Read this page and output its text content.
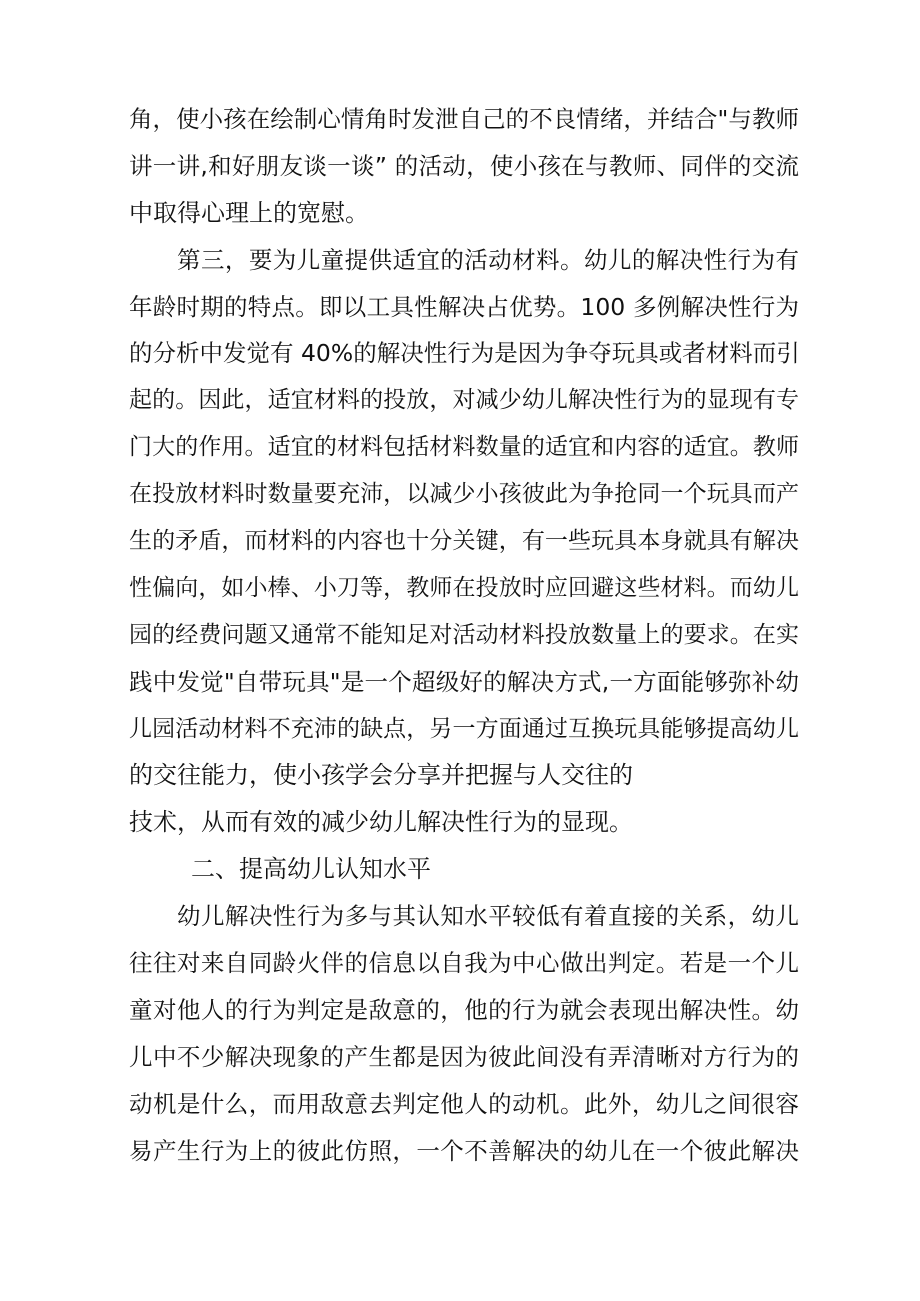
角，使小孩在绘制心情角时发泄自己的不良情绪，并结合"与教师
讲一讲,和好朋友谈一谈” 的活动，使小孩在与教师、同伴的交流
中取得心理上的宽慰。
第三，要为儿童提供适宜的活动材料。幼儿的解决性行为有
年龄时期的特点。即以工具性解决占优势。100 多例解决性行为
的分析中发觉有 40%的解决性行为是因为争夺玩具或者材料而引
起的。因此，适宜材料的投放，对减少幼儿解决性行为的显现有专
门大的作用。适宜的材料包括材料数量的适宜和内容的适宜。教师
在投放材料时数量要充沛，以减少小孩彼此为争抢同一个玩具而产
生的矛盾，而材料的内容也十分关键，有一些玩具本身就具有解决
性偏向，如小棒、小刀等，教师在投放时应回避这些材料。而幼儿
园的经费问题又通常不能知足对活动材料投放数量上的要求。在实
践中发觉"自带玩具"是一个超级好的解决方式,一方面能够弥补幼
儿园活动材料不充沛的缺点，另一方面通过互换玩具能够提高幼儿
的交往能力，使小孩学会分享并把握与人交往的
技术，从而有效的减少幼儿解决性行为的显现。
二、提高幼儿认知水平
幼儿解决性行为多与其认知水平较低有着直接的关系，幼儿
往往对来自同龄火伴的信息以自我为中心做出判定。若是一个儿
童对他人的行为判定是敌意的，他的行为就会表现出解决性。幼
儿中不少解决现象的产生都是因为彼此间没有弄清晰对方行为的
动机是什么，而用敌意去判定他人的动机。此外，幼儿之间很容
易产生行为上的彼此仿照，一个不善解决的幼儿在一个彼此解决
